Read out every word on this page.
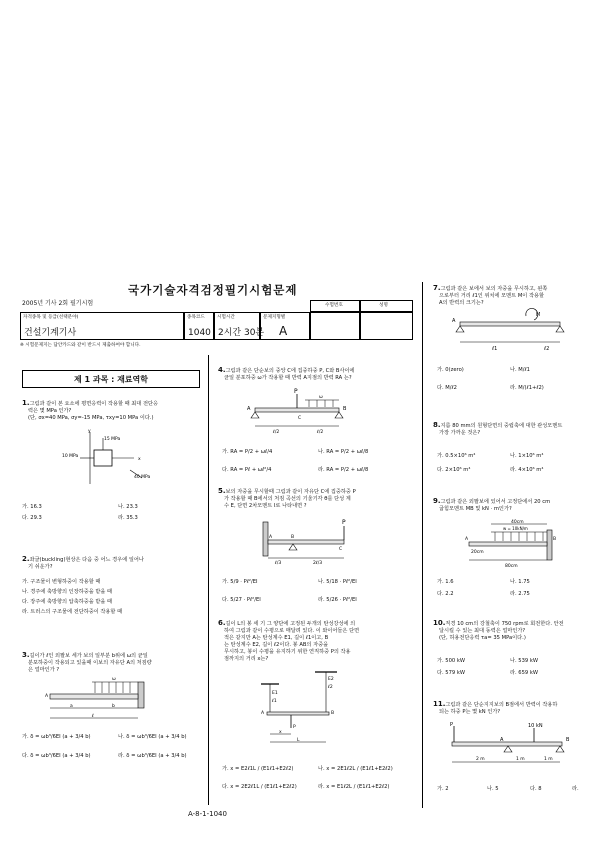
국가기술자격검정필기시험문제
2005년 기사 2회 필기시험	수험번호	성명
자격종목 및 등급(선택분야)
건설기계기사
종목코드
1040
시험시간
2시간 30분
문제지형별
A
※ 시험문제지는 답안카드와 같이 반드시 제출하여야 합니다.
제 1 과목 : 재료역학
1.그림과 같이 본 요소에 평면응력이 작용할 때 최대 전단응
력은 몇 MPa 인가?
(단, σx=40 MPa, σy=-15 MPa, τxy=10 MPa 이다.)
y
15 MPa
10 MPa
40 MPa
x
가. 16.3	나. 23.3
다. 29.3	라. 35.3
2.좌굴(buckling)현상은 다음 중 어느 경우에 일어나
기 쉬운가?
가. 구조물이 변형하중이 작용할 때
나. 경주에 축방향의 인장하중을 받을 때
다. 장주에 축방향의 압축하중을 받을 때
라. 트러스의 구조물에 전단하중이 작용할 때
3.길이가 ℓ인 외팔보 세가 보의 일부분 b위에 ω의 균일
분포하중이 작용되고 있을때 이보의 자유단 A의 처짐량
은 얼마인가 ?
ω
A
a	b
ℓ
가. δ = ωb³/6EI (a + 3/4 b)	나. δ = ωb³/6EI (a + 3/4 b)
다. δ = ωb³/6EI (a + 3/4 b)	라. δ = ωb³/6EI (a + 3/4 b)
4.그림과 같은 단순보의 중앙 C에 집중하중 P, C와 B사이에
균일 분포하중 ω가 작용할 때 반력 A지점의 반력 RA 는?
P
ω
A	B
C
ℓ/2	ℓ/2
가. RA = P/2 + ωℓ/4	나. RA = P/2 + ωℓ/8
다. RA = Pℓ + ωℓ²/4	라. RA = P/2 + ωℓ/8
5.보의 자중을 무시할때 그림과 같이 자유단 C에 집중하중 P
가 작용할 때 B에서의 처짐 곡선의 기울기각 θ를 단성 계
수 E, 단면 2차모멘트 I로 나타내면 ?
P
A	B
C
ℓ/3	2ℓ/3
가. 5/9 · Pℓ²/EI	나. 5/18 · Pℓ²/EI
다. 5/27 · Pℓ²/EI	라. 5/26 · Pℓ²/EI
6.길이 L의 봉 세 기 그 양단에 고정된 두개의 탄성강성에 의
하여 그림과 같이 수평으로 매달려 있다. 이 와이어들은 단면
적은 같지만 A는 탄성계수 E1, 길이 ℓ1이고, B
는 탄성계수 E2, 길이 ℓ2이다. 봉 AB의 자중을
무시하고, 봉이 수평을 유지하기 위한 연직하중 P의 작용
점까지의 거리 x는?
E1
ℓ1
E2
ℓ2
A	B
P
x
L
가. x = E2ℓ1L / (E1ℓ1+E2ℓ2)	나. x = 2E1ℓ2L / (E1ℓ1+E2ℓ2)
다. x = 2E2ℓ1L / (E1ℓ1+E2ℓ2)	라. x = E1ℓ2L / (E1ℓ1+E2ℓ2)
7.그림과 같은 보에서 보의 자중을 무시하고, 왼쪽
으로부터 거리 ℓ1인 위치에 모멘트 M이 작용할
A의 반력의 크기는?
M
A
ℓ1	ℓ2
가. 0(zero)	나. M/ℓ1
다. M/ℓ2	라. M/(ℓ1+ℓ2)
8.지름 80 mm의 원형단면의 중립축에 대한 관성모멘트
가장 가까운 것은?
가. 0.5×10⁶ m⁴	나. 1×10⁶ m⁴
다. 2×10⁶ m⁴	라. 4×10⁶ m⁴
9.그림과 같은 외팔보에 있어서 고정단에서 20 cm
굽힘모멘트 MB 및 kN · m인가?
40cm
w = 10kN/m
A	B
20cm
80cm
가. 1.6	나. 1.75
다. 2.2	라. 2.75
10.직경 10 cm의 강철축이 750 rpm로 회전한다. 안전
달시킬 수 있는 최대 동력은 얼마인가?
(단, 허용전단응력 τa= 35 MPa이다.)
가. 500 kW	나. 539 kW
다. 579 kW	라. 659 kW
11.그림과 같은 단순지지보의 B점에서 반력이 작용하
되는 하중 P는 몇 kN 인가?
P	10 kN
A	B
2 m	1 m	1 m
가. 2	나. 5	다. 8	라.
A-8-1-1040
